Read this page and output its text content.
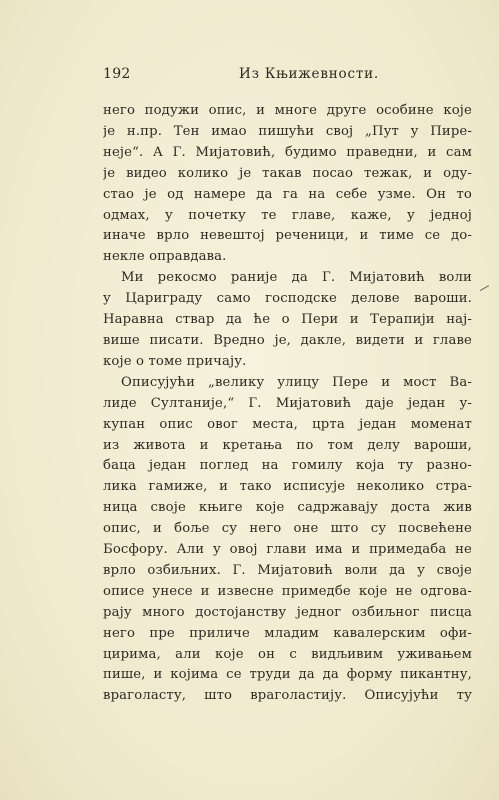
192	Из Књижевности.
него подужи опис, и многе друге особине које
је н.пр. Тен имао пишући свој „Пут у Пире-
неје“. А Г. Мијатовић, будимо праведни, и сам
је видео колико је такав посао тежак, и оду-
стао је од намере да га на себе узме. Он то
одмах, у почетку те главе, каже, у једној
иначе врло невештој реченици, и тиме се до-
некле оправдава.
Ми рекосмо раније да Г. Мијатовић воли
у Цариграду само господске делове вароши.
Наравна ствар да ће о Пери и Терапији нај-
више писати. Вредно је, дакле, видети и главе
које о томе причају.
Описујући „велику улицу Пере и мост Ва-
лиде Султаније,“ Г. Мијатовић даје један у-
купан опис овог места, црта један моменат
из живота и кретања по том делу вароши,
баца један поглед на гомилу која ту разно-
лика гамиже, и тако исписује неколико стра-
ница своје књиге које садржавају доста жив
опис, и боље су него оне што су посвећене
Босфору. Али у овој глави има и примедаба не
врло озбиљних. Г. Мијатовић воли да у своје
описе унесе и извесне примедбе које не одгова-
рају много достојанству једног озбиљног писца
него пре приличе младим кавалерским офи-
цирима, али које он с видљивим уживањем
пише, и којима се труди да да форму пикантну,
враголасту, што враголастију. Описујући ту
